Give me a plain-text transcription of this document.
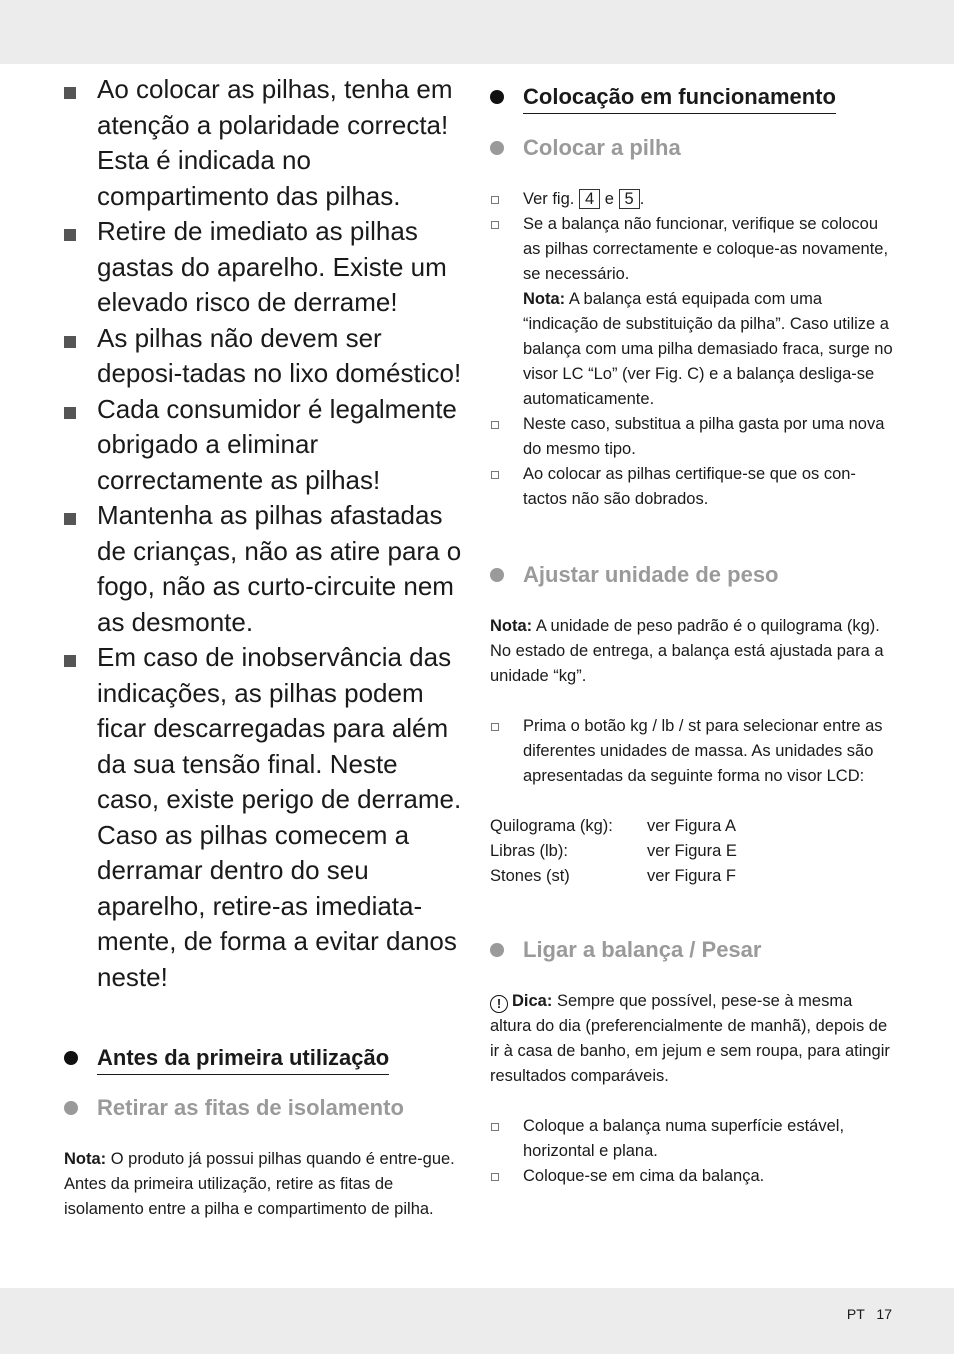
Ao colocar as pilhas, tenha em atenção a polaridade correcta! Esta é indicada no compartimento das pilhas.
Retire de imediato as pilhas gastas do aparelho. Existe um elevado risco de derrame!
As pilhas não devem ser deposi-tadas no lixo doméstico!
Cada consumidor é legalmente obrigado a eliminar correctamente as pilhas!
Mantenha as pilhas afastadas de crianças, não as atire para o fogo, não as curto-circuite nem as desmonte.
Em caso de inobservância das indicações, as pilhas podem ficar descarregadas para além da sua tensão final. Neste caso, existe perigo de derrame. Caso as pilhas comecem a derramar dentro do seu aparelho, retire-as imediata-mente, de forma a evitar danos neste!
Antes da primeira utilização
Retirar as fitas de isolamento

Nota: O produto já possui pilhas quando é entre-gue. Antes da primeira utilização, retire as fitas de isolamento entre a pilha e compartimento de pilha.

Colocação em funcionamento
Colocar a pilha
Ver fig. 4 e 5 .
Se a balança não funcionar, verifique se colocou as pilhas correctamente e coloque-as novamente, se necessário.
Nota: A balança está equipada com uma “indicação de substituição da pilha”. Caso utilize a balança com uma pilha demasiado fraca, surge no visor LC “Lo” (ver Fig. C) e a balança desliga-se automaticamente.
Neste caso, substitua a pilha gasta por uma nova do mesmo tipo.
Ao colocar as pilhas certifique-se que os con-tactos não são dobrados.
Ajustar unidade de peso

Nota: A unidade de peso padrão é o quilograma (kg). No estado de entrega, a balança está ajustada para a unidade “kg”.

Prima o botão kg / lb / st para selecionar entre as diferentes unidades de massa. As unidades são apresentadas da seguinte forma no visor LCD:
Quilograma (kg):	ver Figura A
Libras (lb):	ver Figura E
Stones (st)	ver Figura F
Ligar a balança / Pesar

! Dica: Sempre que possível, pese-se à mesma altura do dia (preferencialmente de manhã), depois de ir à casa de banho, em jejum e sem roupa, para atingir resultados comparáveis.

Coloque a balança numa superfície estável, horizontal e plana.
Coloque-se em cima da balança.
PT 17
